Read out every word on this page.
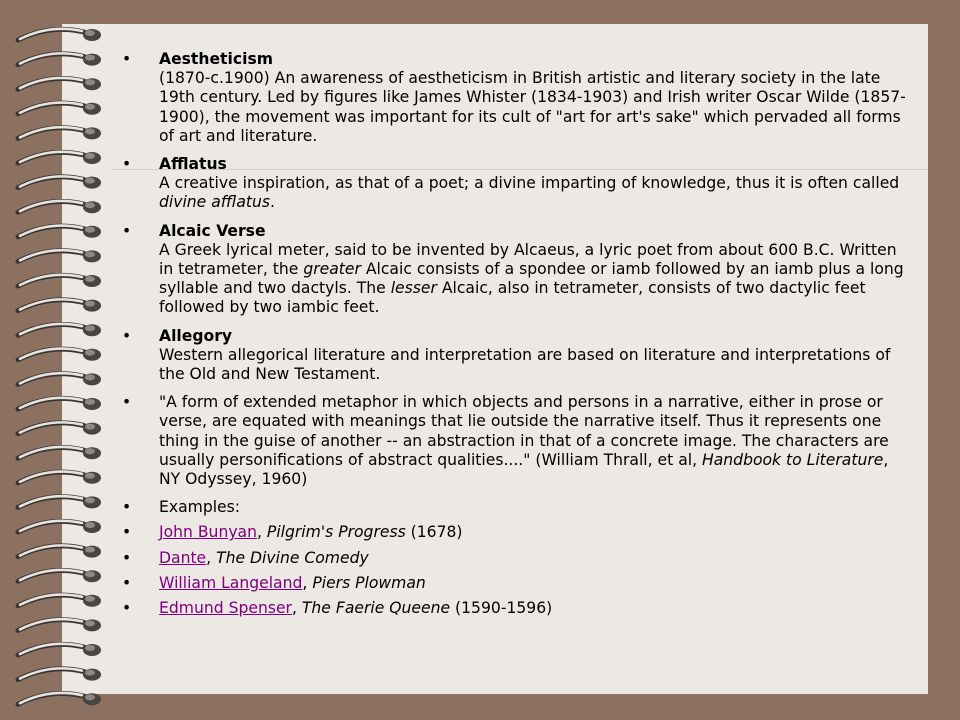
• Aestheticism
(1870-c.1900) An awareness of aestheticism in British artistic and literary society in the late 19th century. Led by figures like James Whister (1834-1903) and Irish writer Oscar Wilde (1857-1900), the movement was important for its cult of "art for art's sake" which pervaded all forms of art and literature.
• Afflatus
A creative inspiration, as that of a poet; a divine imparting of knowledge, thus it is often called divine afflatus.
• Alcaic Verse
A Greek lyrical meter, said to be invented by Alcaeus, a lyric poet from about 600 B.C. Written in tetrameter, the greater Alcaic consists of a spondee or iamb followed by an iamb plus a long syllable and two dactyls. The lesser Alcaic, also in tetrameter, consists of two dactylic feet followed by two iambic feet.
• Allegory
Western allegorical literature and interpretation are based on literature and interpretations of the Old and New Testament.
• "A form of extended metaphor in which objects and persons in a narrative, either in prose or verse, are equated with meanings that lie outside the narrative itself. Thus it represents one thing in the guise of another -- an abstraction in that of a concrete image. The characters are usually personifications of abstract qualities...." (William Thrall, et al, Handbook to Literature, NY Odyssey, 1960)
• Examples:
• John Bunyan, Pilgrim's Progress (1678)
• Dante, The Divine Comedy
• William Langeland, Piers Plowman
• Edmund Spenser, The Faerie Queene (1590-1596)
